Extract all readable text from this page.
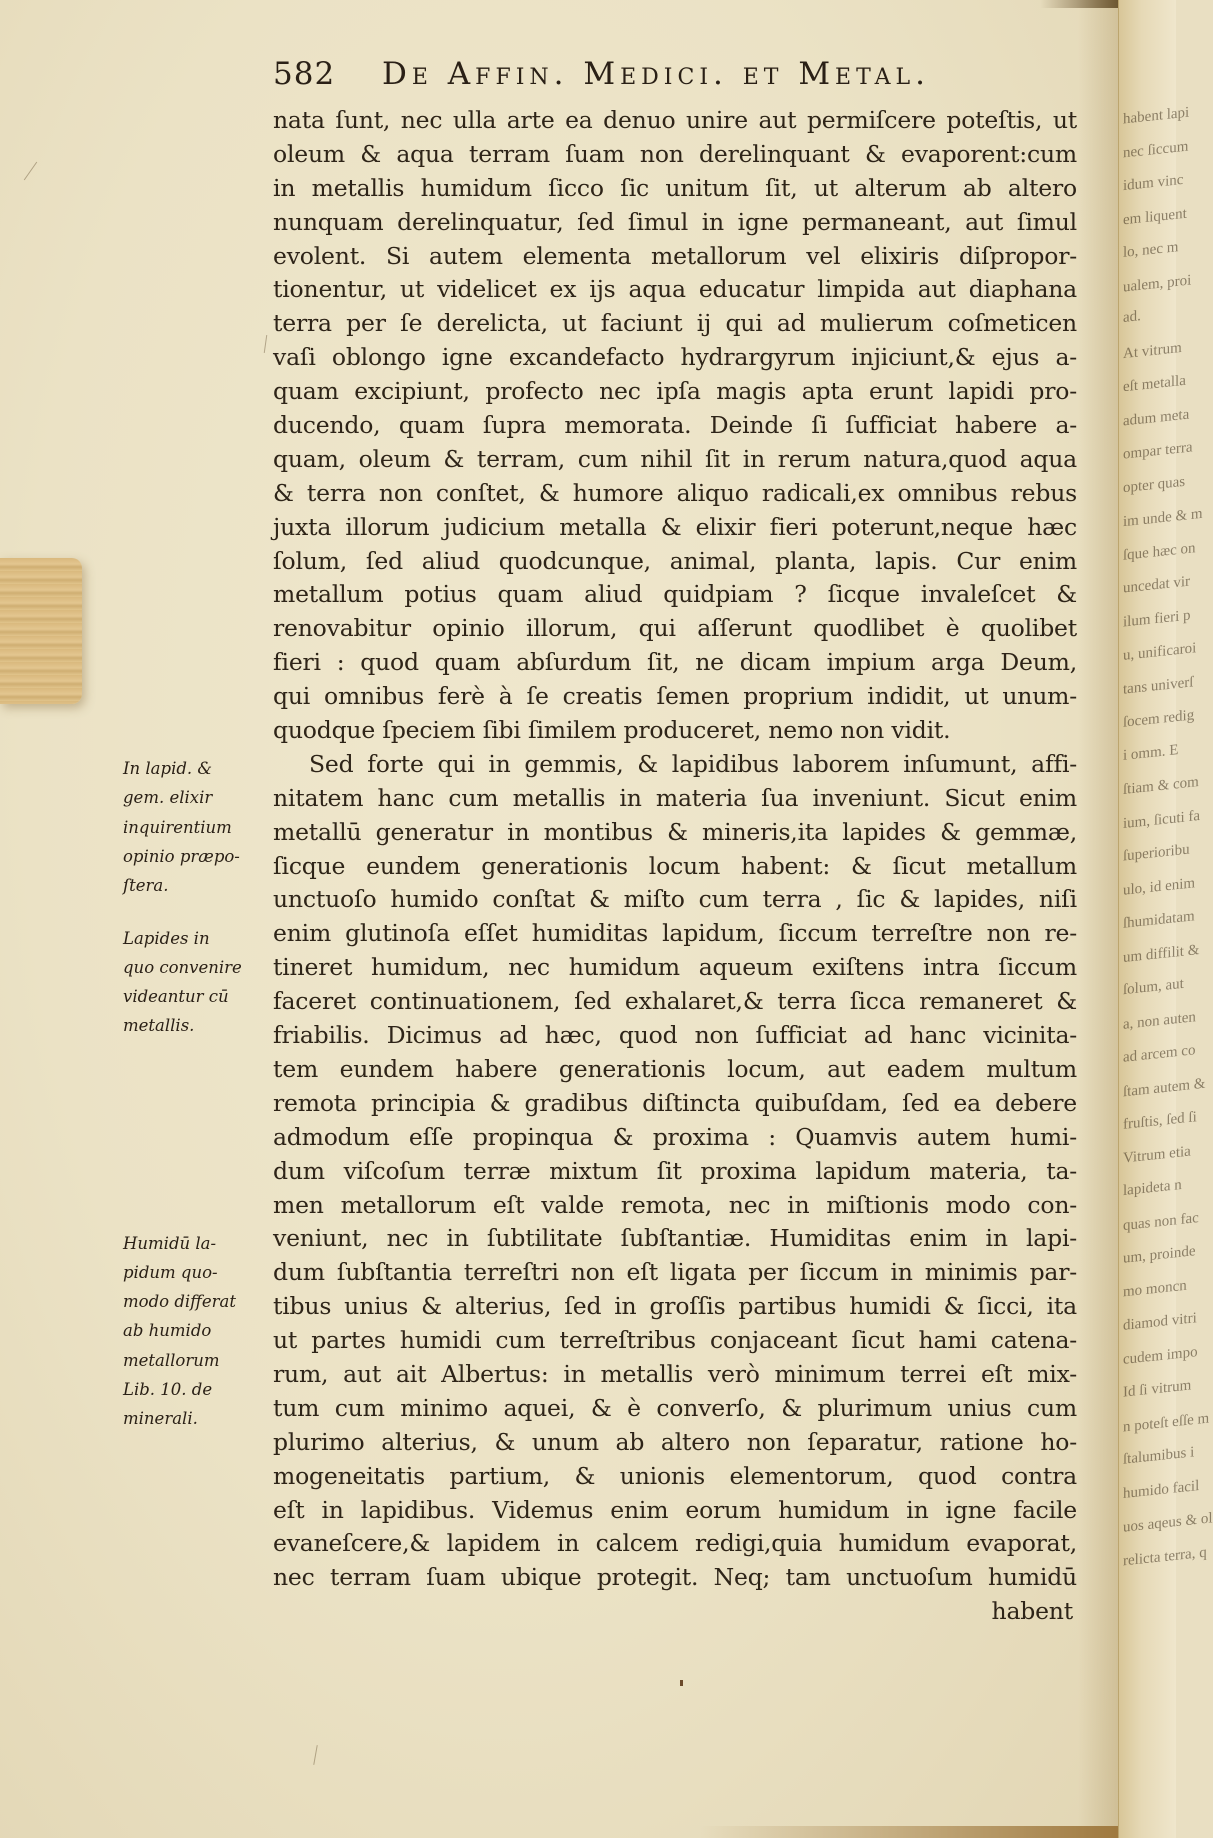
habent lapi
nec ſiccum
idum vinc
em liquent
lo, nec m
ualem, proi
ad.
At vitrum
eſt metalla
adum meta
ompar terra
opter quas
im unde & m
ſque hæc on
uncedat vir
ilum fieri p
u, unificaroi
tans univerſ
ſocem redig
i omm. E
ſtiam & com
ium, ſicuti fa
ſuperioribu
ulo, id enim
ſhumidatam
um diffilit &
ſolum, aut
a, non auten
ad arcem co
ſtam autem &
fruſtis, ſed ſi
Vitrum etia
lapideta n
quas non fac
um, proinde
mo moncn
diamod vitri
cudem impo
Id ſi vitrum
n poteſt eſſe m
ſtalumibus i
humido facil
uos aqeus & ol
relicta terra, q
582 De Affin. Medici. et Metal.
nata ſunt, nec ulla arte ea denuo unire aut permiſcere poteſtis, ut
oleum & aqua terram ſuam non derelinquant & evaporent:cum
in metallis humidum ſicco ſic unitum ſit, ut alterum ab altero
nunquam derelinquatur, ſed ſimul in igne permaneant, aut ſimul
evolent. Si autem elementa metallorum vel elixiris diſpropor-
tionentur, ut videlicet ex ijs aqua educatur limpida aut diaphana
terra per ſe derelicta, ut faciunt ij qui ad mulierum coſmeticen
vaſi oblongo igne excandefacto hydrargyrum injiciunt,& ejus a-
quam excipiunt, profecto nec ipſa magis apta erunt lapidi pro-
ducendo, quam ſupra memorata. Deinde ſi ſufficiat habere a-
quam, oleum & terram, cum nihil ſit in rerum natura,quod aqua
& terra non conſtet, & humore aliquo radicali,ex omnibus rebus
juxta illorum judicium metalla & elixir fieri poterunt,neque hæc
ſolum, ſed aliud quodcunque, animal, planta, lapis. Cur enim
metallum potius quam aliud quidpiam ? ſicque invaleſcet &
renovabitur opinio illorum, qui aſſerunt quodlibet è quolibet
fieri : quod quam abſurdum ſit, ne dicam impium arga Deum,
qui omnibus ferè à ſe creatis ſemen proprium indidit, ut unum-
quodque ſpeciem ſibi ſimilem produceret, nemo non vidit.
Sed forte qui in gemmis, & lapidibus laborem inſumunt, affi-
nitatem hanc cum metallis in materia ſua inveniunt. Sicut enim
metallū generatur in montibus & mineris,ita lapides & gemmæ,
ſicque eundem generationis locum habent: & ſicut metallum
unctuoſo humido conſtat & miſto cum terra , ſic & lapides, niſi
enim glutinoſa eſſet humiditas lapidum, ſiccum terreſtre non re-
tineret humidum, nec humidum aqueum exiſtens intra ſiccum
faceret continuationem, ſed exhalaret,& terra ſicca remaneret &
friabilis. Dicimus ad hæc, quod non ſufficiat ad hanc vicinita-
tem eundem habere generationis locum, aut eadem multum
remota principia & gradibus diſtincta quibuſdam, ſed ea debere
admodum eſſe propinqua & proxima : Quamvis autem humi-
dum viſcoſum terræ mixtum ſit proxima lapidum materia, ta-
men metallorum eſt valde remota, nec in miſtionis modo con-
veniunt, nec in ſubtilitate ſubſtantiæ. Humiditas enim in lapi-
dum ſubſtantia terreſtri non eſt ligata per ſiccum in minimis par-
tibus unius & alterius, ſed in groſſis partibus humidi & ſicci, ita
ut partes humidi cum terreſtribus conjaceant ſicut hami catena-
rum, aut ait Albertus: in metallis verò minimum terrei eſt mix-
tum cum minimo aquei, & è converſo, & plurimum unius cum
plurimo alterius, & unum ab altero non ſeparatur, ratione ho-
mogeneitatis partium, & unionis elementorum, quod contra
eſt in lapidibus. Videmus enim eorum humidum in igne facile
evaneſcere,& lapidem in calcem redigi,quia humidum evaporat,
nec terram ſuam ubique protegit. Neq; tam unctuoſum humidū
habent
In lapid. &
gem. elixir
inquirentium
opinio præpo-
ſtera.
Lapides in
quo convenire
videantur cū
metallis.
Humidū la-
pidum quo-
modo differat
ab humido
metallorum
Lib. 10. de
minerali.
